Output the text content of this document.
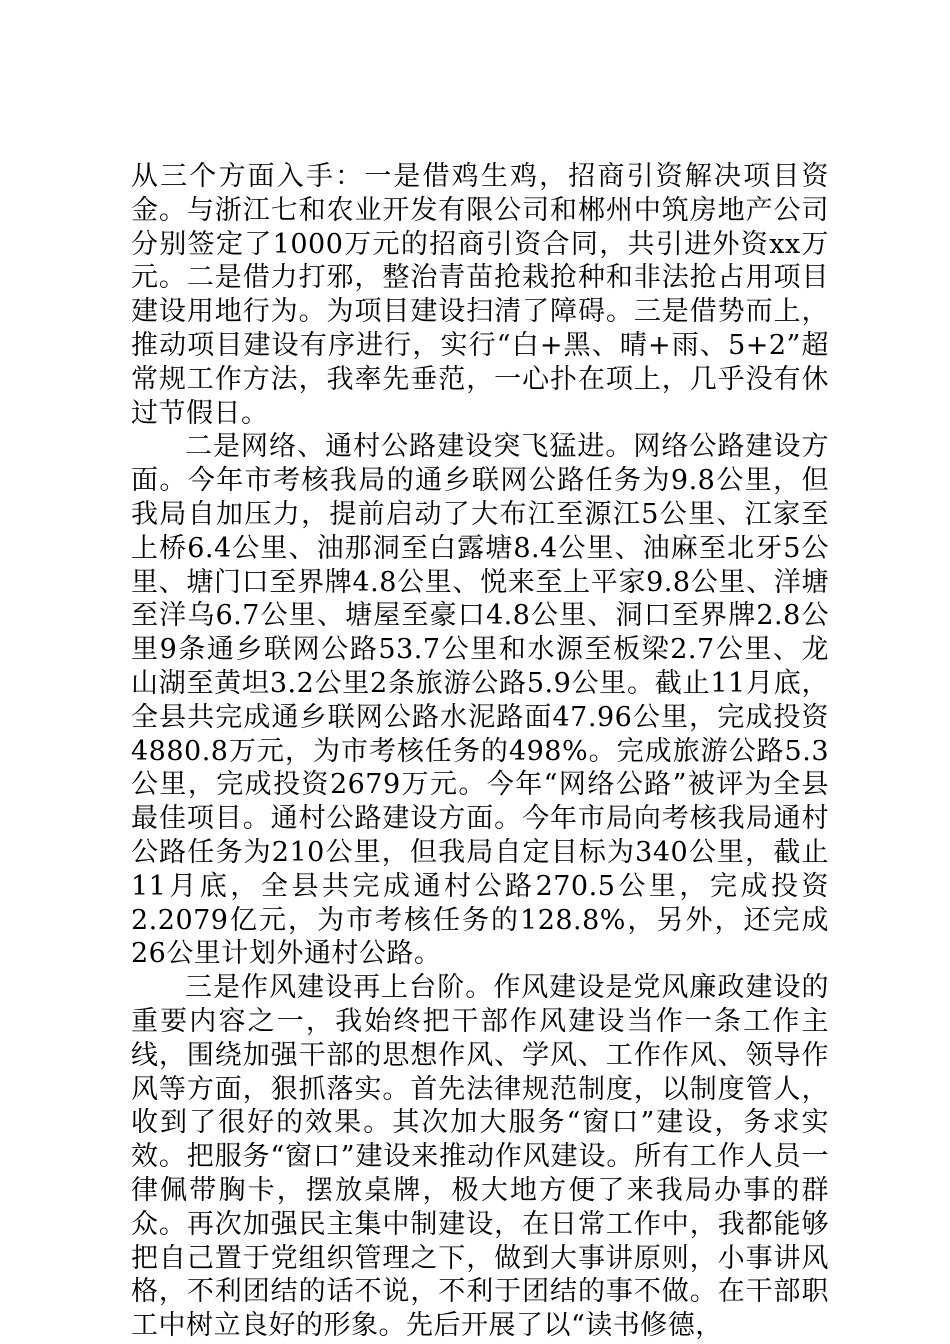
从三个方面入手：一是借鸡生鸡，招商引资解决项目资金。与浙江七和农业开发有限公司和郴州中筑房地产公司分别签定了1000万元的招商引资合同，共引进外资xx万元。二是借力打邪，整治青苗抢栽抢种和非法抢占用项目建设用地行为。为项目建设扫清了障碍。三是借势而上，推动项目建设有序进行，实行“白+黑、晴+雨、5+2”超常规工作方法，我率先垂范，一心扑在项上，几乎没有休过节假日。

二是网络、通村公路建设突飞猛进。网络公路建设方面。今年市考核我局的通乡联网公路任务为9.8公里，但我局自加压力，提前启动了大布江至源江5公里、江家至上桥6.4公里、油那洞至白露塘8.4公里、油麻至北牙5公里、塘门口至界牌4.8公里、悦来至上平家9.8公里、洋塘至洋乌6.7公里、塘屋至豪口4.8公里、洞口至界牌2.8公里9条通乡联网公路53.7公里和水源至板梁2.7公里、龙山湖至黄坦3.2公里2条旅游公路5.9公里。截止11月底，全县共完成通乡联网公路水泥路面47.96公里，完成投资4880.8万元，为市考核任务的498%。完成旅游公路5.3公里，完成投资2679万元。今年“网络公路”被评为全县最佳项目。通村公路建设方面。今年市局向考核我局通村公路任务为210公里，但我局自定目标为340公里，截止11月底，全县共完成通村公路270.5公里，完成投资2.2079亿元，为市考核任务的128.8%，另外，还完成26公里计划外通村公路。

三是作风建设再上台阶。作风建设是党风廉政建设的重要内容之一，我始终把干部作风建设当作一条工作主线，围绕加强干部的思想作风、学风、工作作风、领导作风等方面，狠抓落实。首先法律规范制度，以制度管人，收到了很好的效果。其次加大服务“窗口”建设，务求实效。把服务“窗口”建设来推动作风建设。所有工作人员一律佩带胸卡，摆放桌牌，极大地方便了来我局办事的群众。再次加强民主集中制建设，在日常工作中，我都能够把自己置于党组织管理之下，做到大事讲原则，小事讲风格，不利团结的话不说，不利于团结的事不做。在干部职工中树立良好的形象。先后开展了以“读书修德，
